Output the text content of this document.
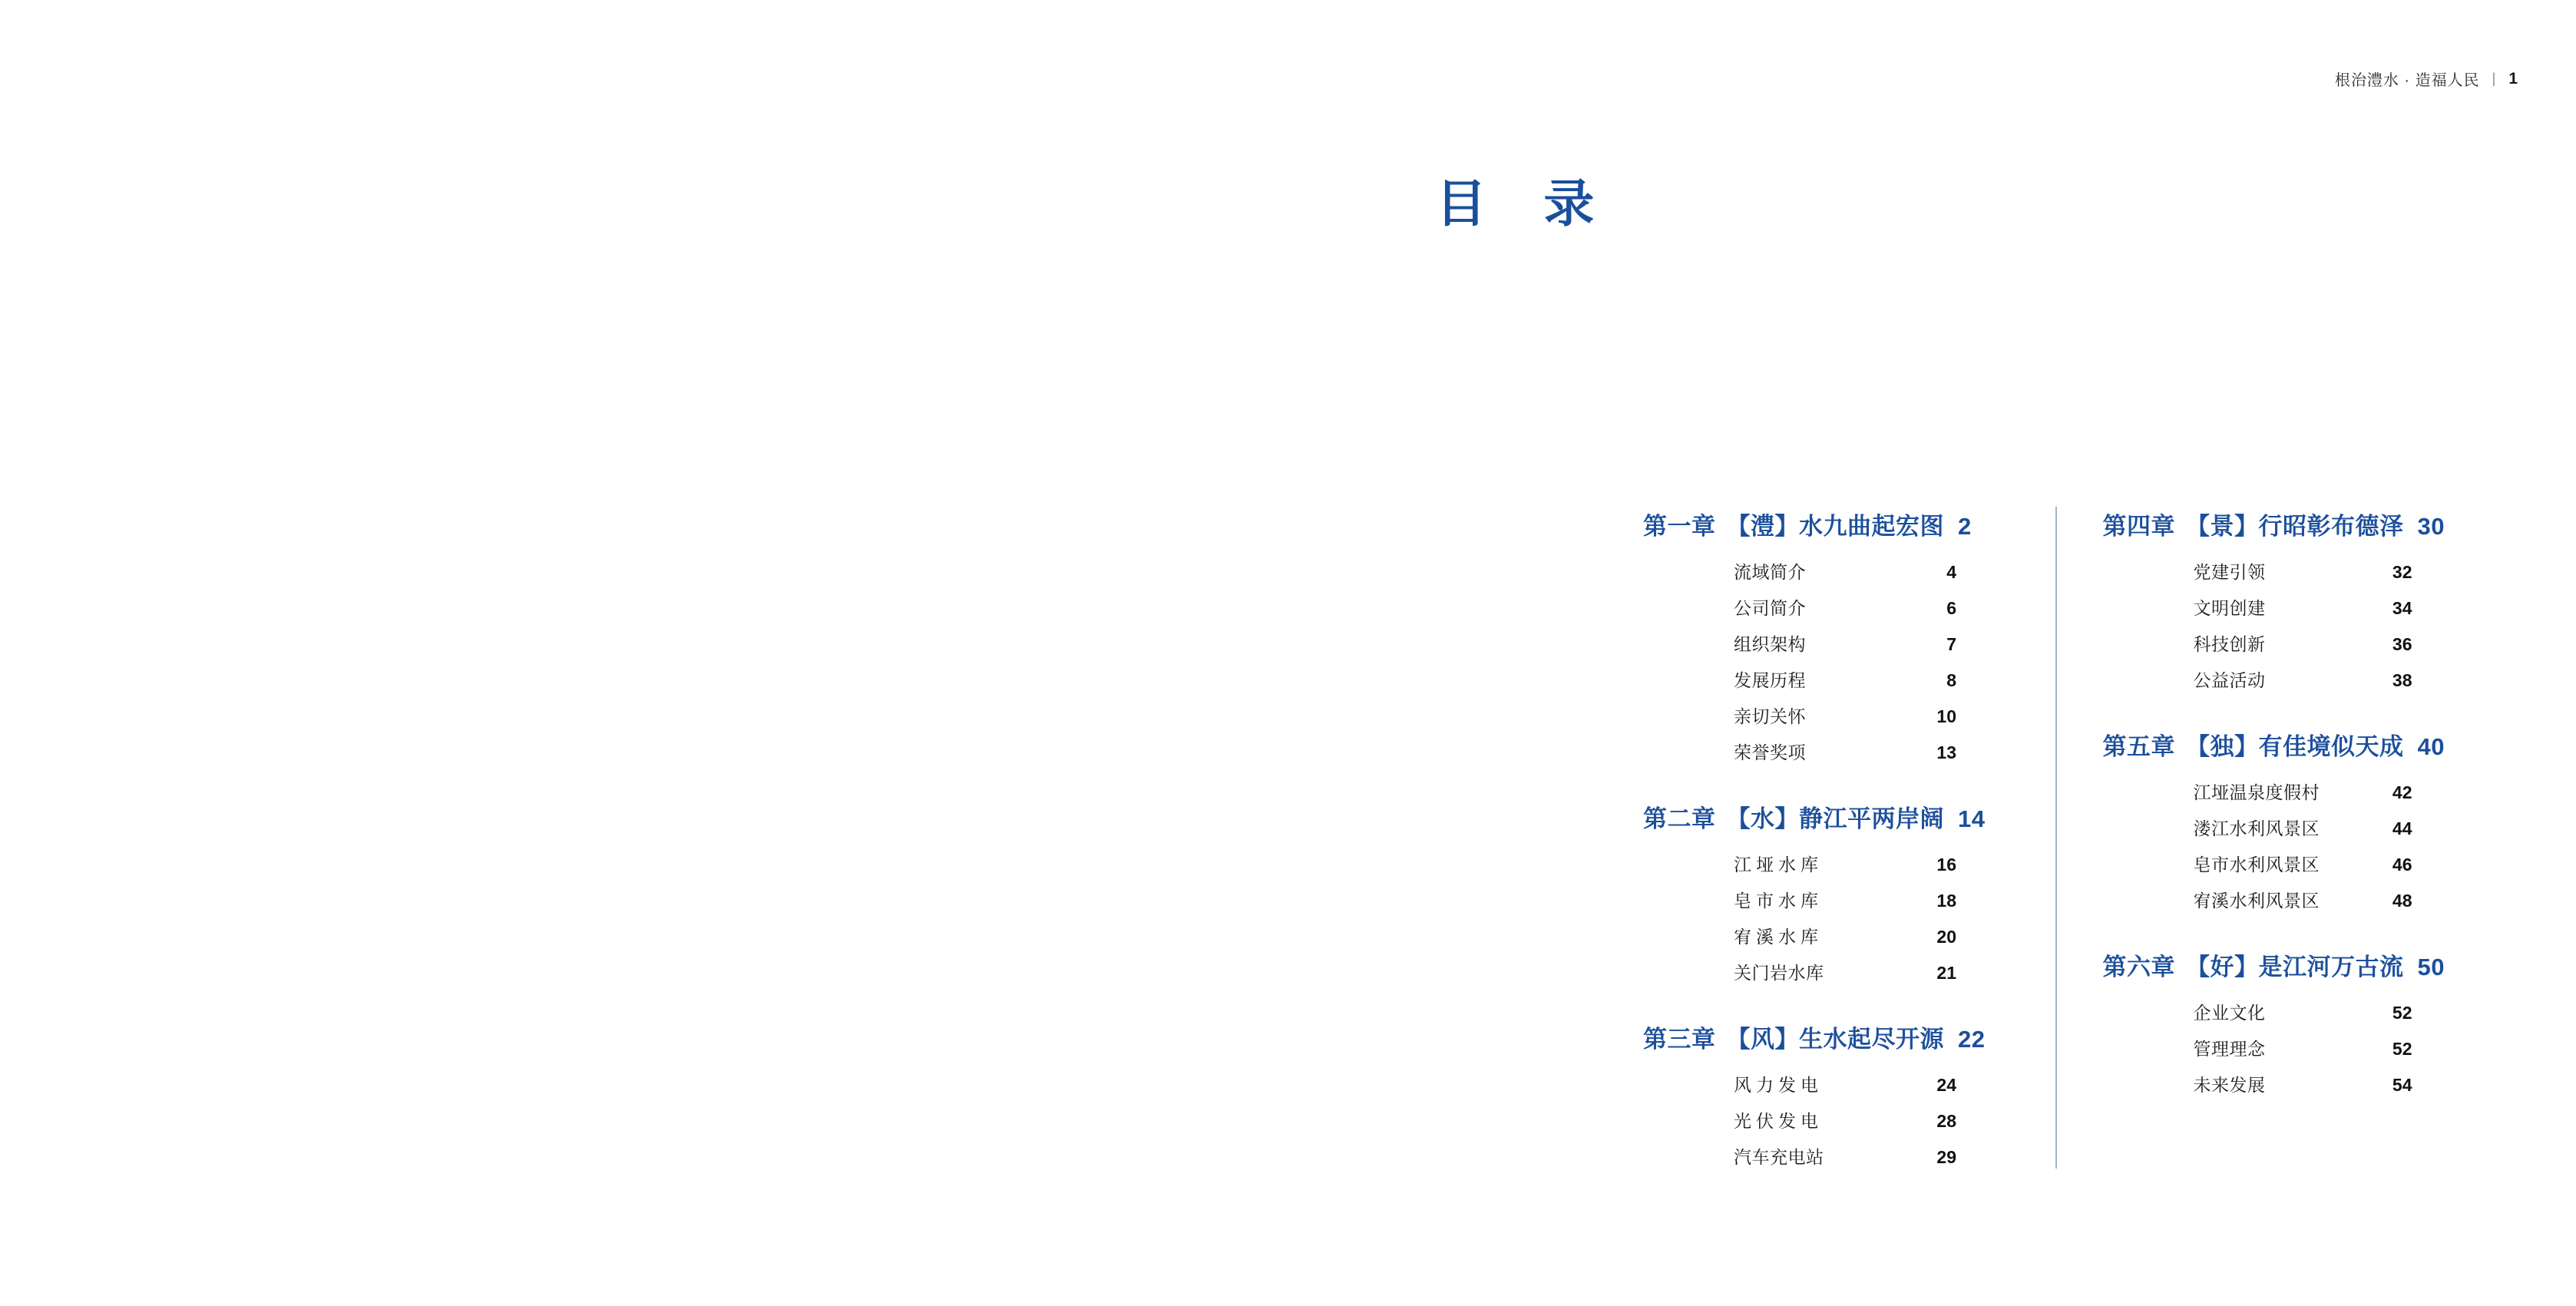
根治澧水 · 造福人民 | 1
目 录
第一章 【澧】水九曲起宏图 2
流域简介	4
公司简介	6
组织架构	7
发展历程	8
亲切关怀	10
荣誉奖项	13
第二章 【水】静江平两岸阔 14
江垭水库	16
皂市水库	18
宥溪水库	20
关门岩水库	21
第三章 【风】生水起尽开源 22
风力发电	24
光伏发电	28
汽车充电站	29
第四章 【景】行昭彰布德泽 30
党建引领	32
文明创建	34
科技创新	36
公益活动	38
第五章 【独】有佳境似天成 40
江垭温泉度假村	42
溇江水利风景区	44
皂市水利风景区	46
宥溪水利风景区	48
第六章 【好】是江河万古流 50
企业文化	52
管理理念	52
未来发展	54
